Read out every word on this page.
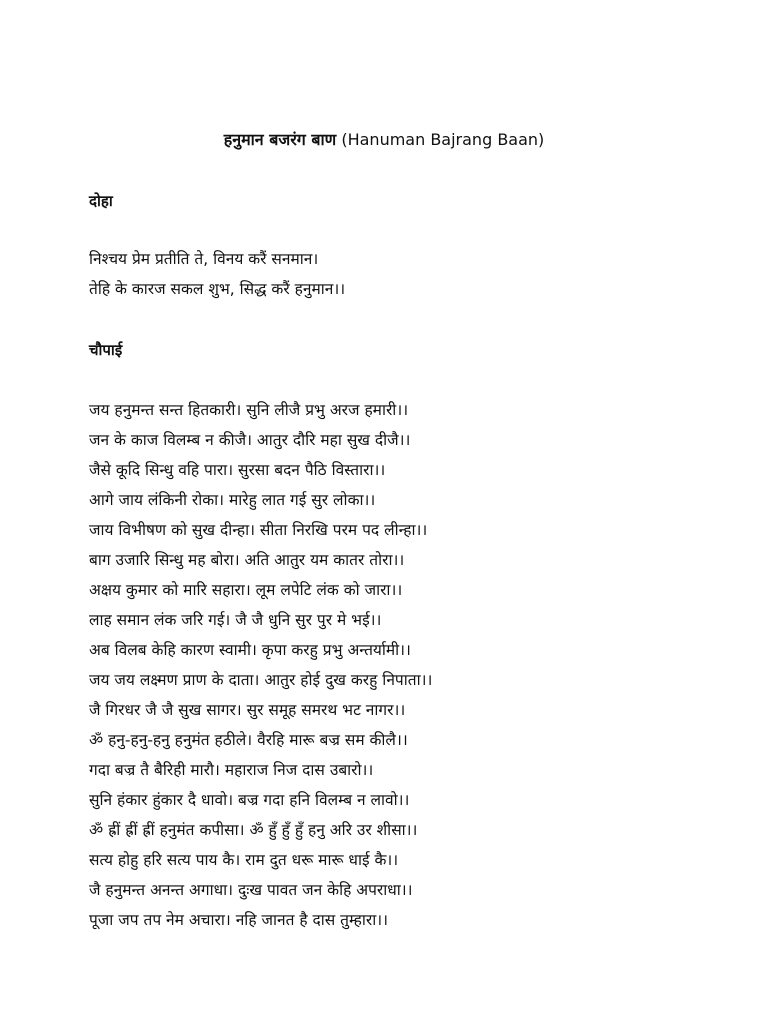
हनुमान बजरंग बाण (Hanuman Bajrang Baan)
दोहा
निश्चय प्रेम प्रतीति ते, विनय करैं सनमान।
तेहि के कारज सकल शुभ, सिद्ध करैं हनुमान।।
चौपाई
जय हनुमन्त सन्त हितकारी। सुनि लीजै प्रभु अरज हमारी।।
जन के काज विलम्ब न कीजै। आतुर दौरि महा सुख दीजै।।
जैसे कूदि सिन्धु वहि पारा। सुरसा बदन पैठि विस्तारा।।
आगे जाय लंकिनी रोका। मारेहु लात गई सुर लोका।।
जाय विभीषण को सुख दीन्हा। सीता निरखि परम पद लीन्हा।।
बाग उजारि सिन्धु मह बोरा। अति आतुर यम कातर तोरा।।
अक्षय कुमार को मारि सहारा। लूम लपेटि लंक को जारा।।
लाह समान लंक जरि गई। जै जै धुनि सुर पुर मे भई।।
अब विलब केहि कारण स्वामी। कृपा करहु प्रभु अन्तर्यामी।।
जय जय लक्ष्मण प्राण के दाता। आतुर होई दुख करहु निपाता।।
जै गिरधर जै जै सुख सागर। सुर समूह समरथ भट नागर।।
ॐ हनु-हनु-हनु हनुमंत हठीले। वैरहि मारू बज्र सम कीलै।।
गदा बज्र तै बैरिही मारौ। महाराज निज दास उबारो।।
सुनि हंकार हुंकार दै धावो। बज्र गदा हनि विलम्ब न लावो।।
ॐ ह्रीं ह्रीं ह्रीं हनुमंत कपीसा। ॐ हुँ हुँ हुँ हनु अरि उर शीसा।।
सत्य होहु हरि सत्य पाय कै। राम दुत धरू मारू धाई कै।।
जै हनुमन्त अनन्त अगाधा। दुःख पावत जन केहि अपराधा।।
पूजा जप तप नेम अचारा। नहि जानत है दास तुम्हारा।।
